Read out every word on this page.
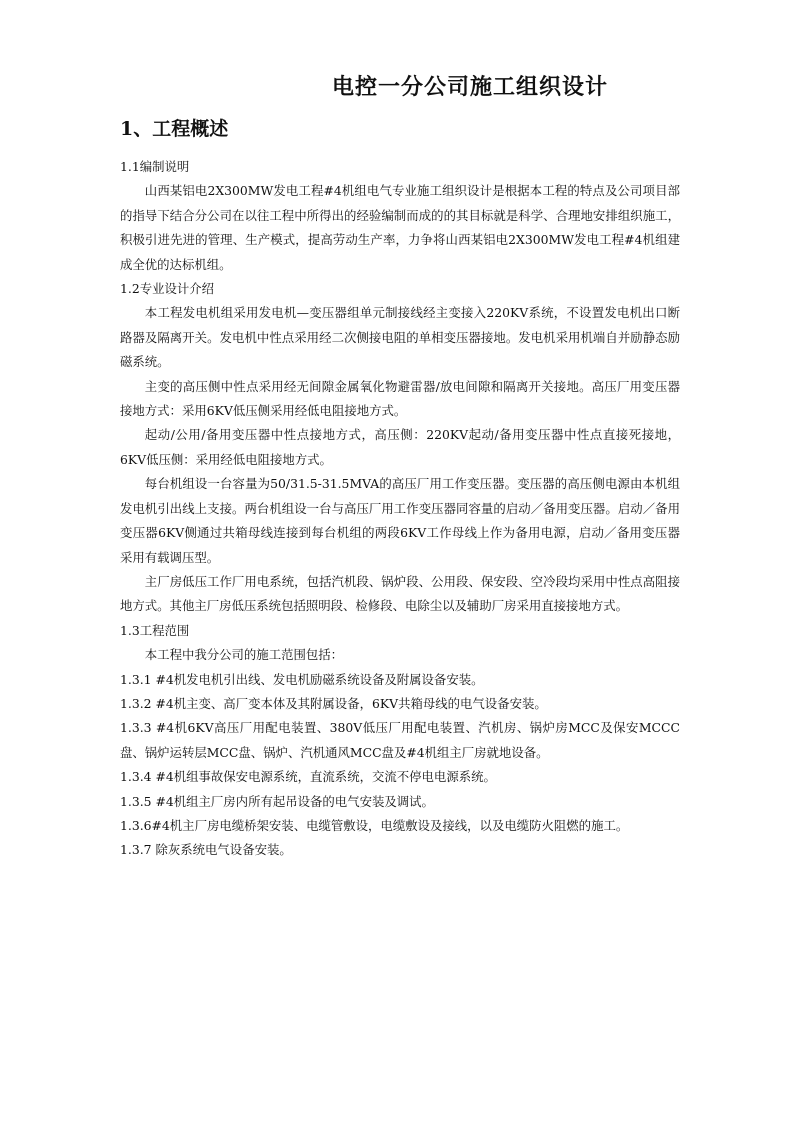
电控一分公司施工组织设计
1、工程概述

1.1编制说明

山西某铝电2X300MW发电工程#4机组电气专业施工组织设计是根据本工程的特点及公司项目部的指导下结合分公司在以往工程中所得出的经验编制而成的的其目标就是科学、合理地安排组织施工，积极引进先进的管理、生产模式，提高劳动生产率，力争将山西某铝电2X300MW发电工程#4机组建成全优的达标机组。

1.2专业设计介绍

本工程发电机组采用发电机—变压器组单元制接线经主变接入220KV系统，不设置发电机出口断路器及隔离开关。发电机中性点采用经二次侧接电阻的单相变压器接地。发电机采用机端自并励静态励磁系统。

主变的高压侧中性点采用经无间隙金属氧化物避雷器/放电间隙和隔离开关接地。高压厂用变压器接地方式：采用6KV低压侧采用经低电阻接地方式。

起动/公用/备用变压器中性点接地方式，高压侧：220KV起动/备用变压器中性点直接死接地，6KV低压侧：采用经低电阻接地方式。

每台机组设一台容量为50/31.5-31.5MVA的高压厂用工作变压器。变压器的高压侧电源由本机组发电机引出线上支接。两台机组设一台与高压厂用工作变压器同容量的启动／备用变压器。启动／备用变压器6KV侧通过共箱母线连接到每台机组的两段6KV工作母线上作为备用电源，启动／备用变压器采用有载调压型。

主厂房低压工作厂用电系统，包括汽机段、锅炉段、公用段、保安段、空冷段均采用中性点高阻接地方式。其他主厂房低压系统包括照明段、检修段、电除尘以及辅助厂房采用直接接地方式。

1.3工程范围

本工程中我分公司的施工范围包括：

1.3.1 #4机发电机引出线、发电机励磁系统设备及附属设备安装。

1.3.2 #4机主变、高厂变本体及其附属设备，6KV共箱母线的电气设备安装。

1.3.3 #4机6KV高压厂用配电装置、380V低压厂用配电装置、汽机房、锅炉房MCC及保安MCCC盘、锅炉运转层MCC盘、锅炉、汽机通风MCC盘及#4机组主厂房就地设备。

1.3.4 #4机组事故保安电源系统，直流系统，交流不停电电源系统。

1.3.5 #4机组主厂房内所有起吊设备的电气安装及调试。

1.3.6#4机主厂房电缆桥架安装、电缆管敷设，电缆敷设及接线，以及电缆防火阻燃的施工。

1.3.7 除灰系统电气设备安装。
